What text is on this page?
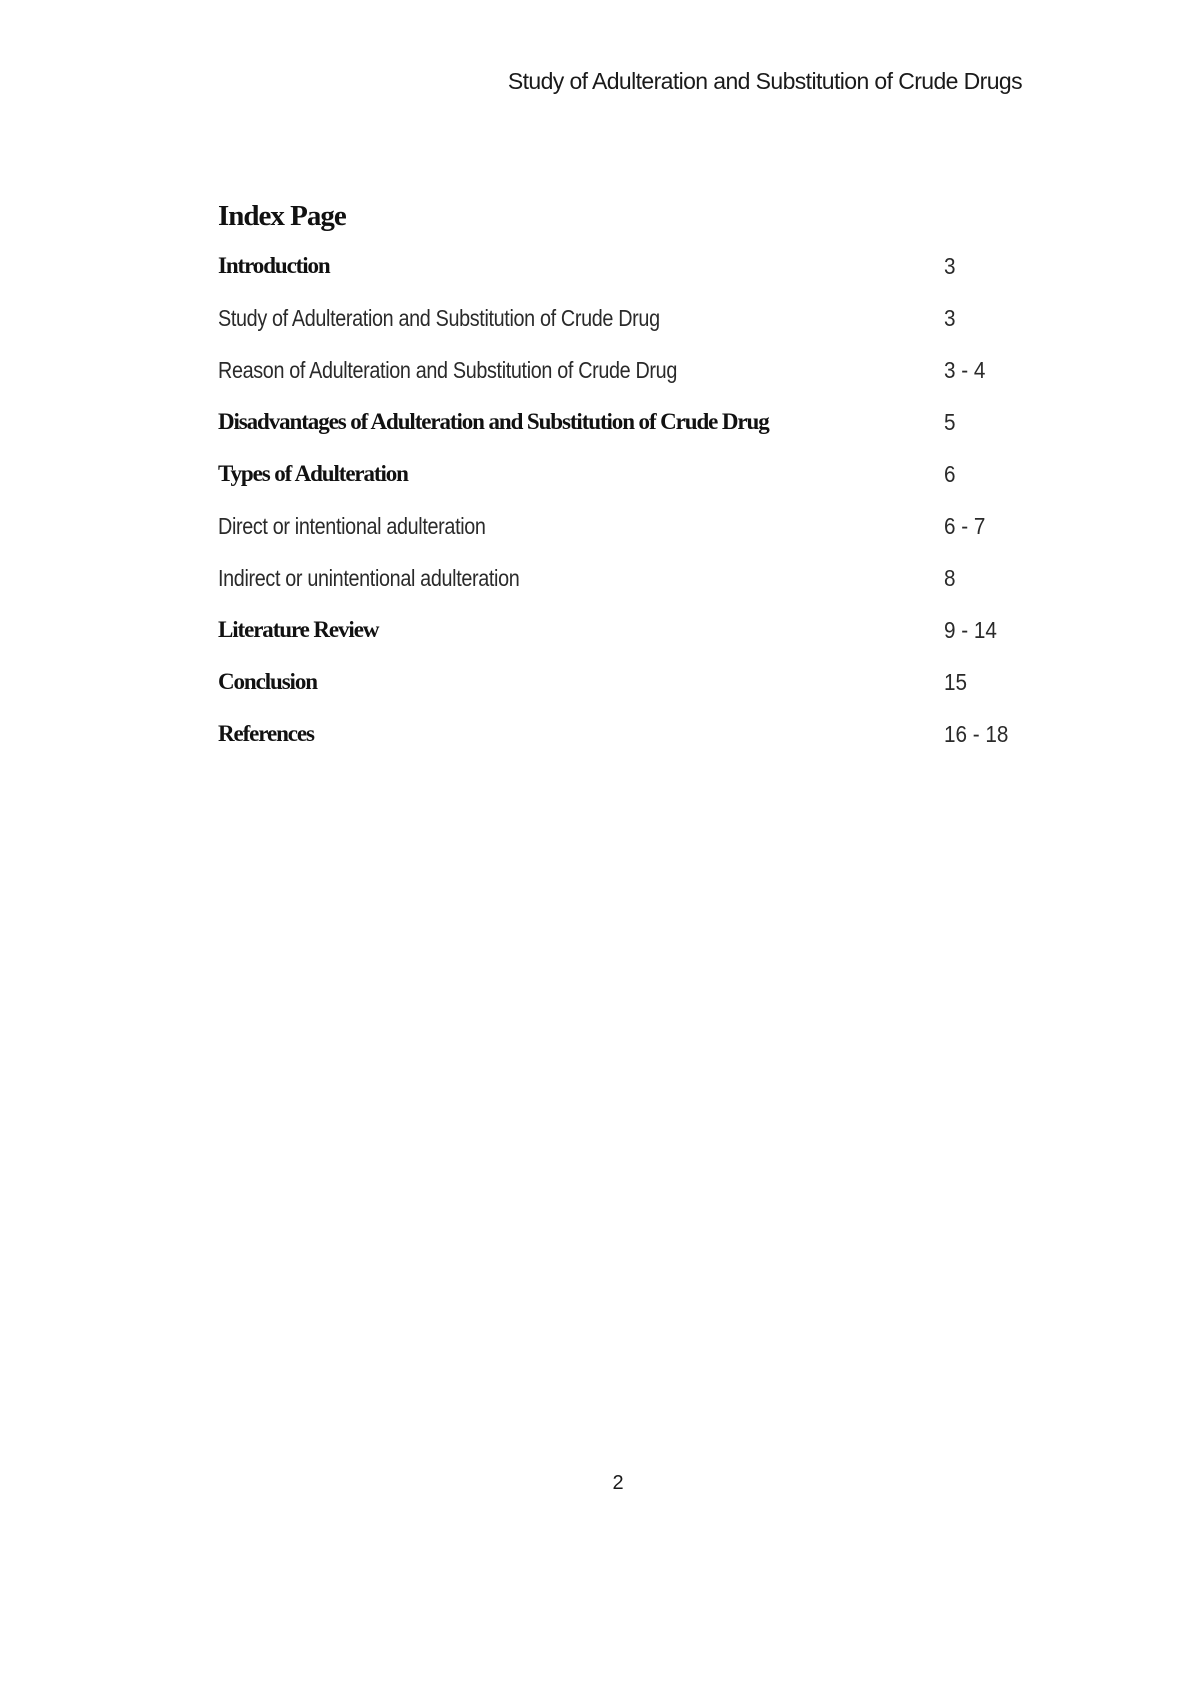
Study of Adulteration and Substitution of Crude Drugs
Index Page
Introduction	3
Study of Adulteration and Substitution of Crude Drug	3
Reason of Adulteration and Substitution of Crude Drug	3 - 4
Disadvantages of Adulteration and Substitution of Crude Drug	5
Types of Adulteration	6
Direct or intentional adulteration	6 - 7
Indirect or unintentional adulteration	8
Literature Review	9 - 14
Conclusion	15
References	16 - 18
2
